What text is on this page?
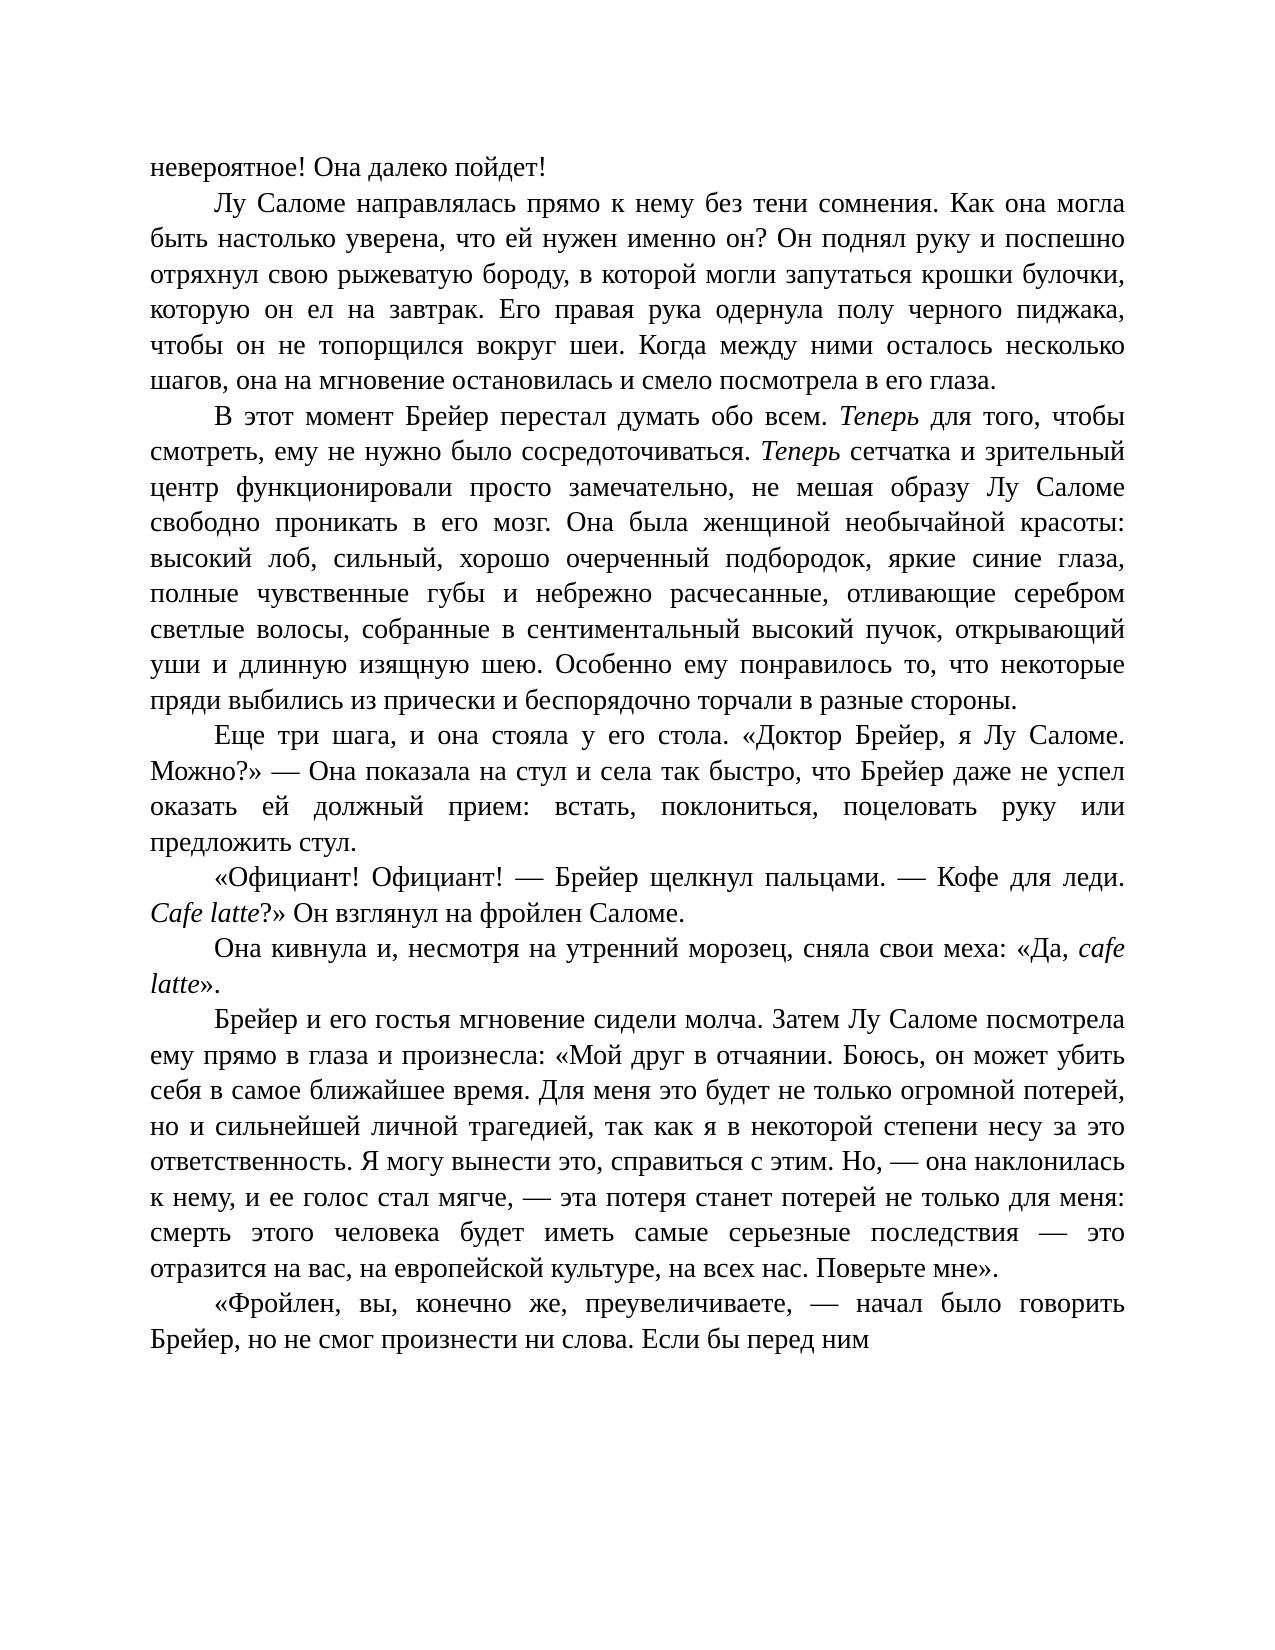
невероятное! Она далеко пойдет!

Лу Саломе направлялась прямо к нему без тени сомнения. Как она могла быть настолько уверена, что ей нужен именно он? Он поднял руку и поспешно отряхнул свою рыжеватую бороду, в которой могли запутаться крошки булочки, которую он ел на завтрак. Его правая рука одернула полу черного пиджака, чтобы он не топорщился вокруг шеи. Когда между ними осталось несколько шагов, она на мгновение остановилась и смело посмотрела в его глаза.

В этот момент Брейер перестал думать обо всем. Теперь для того, чтобы смотреть, ему не нужно было сосредоточиваться. Теперь сетчатка и зрительный центр функционировали просто замечательно, не мешая образу Лу Саломе свободно проникать в его мозг. Она была женщиной необычайной красоты: высокий лоб, сильный, хорошо очерченный подбородок, яркие синие глаза, полные чувственные губы и небрежно расчесанные, отливающие серебром светлые волосы, собранные в сентиментальный высокий пучок, открывающий уши и длинную изящную шею. Особенно ему понравилось то, что некоторые пряди выбились из прически и беспорядочно торчали в разные стороны.

Еще три шага, и она стояла у его стола. «Доктор Брейер, я Лу Саломе. Можно?» — Она показала на стул и села так быстро, что Брейер даже не успел оказать ей должный прием: встать, поклониться, поцеловать руку или предложить стул.

«Официант! Официант! — Брейер щелкнул пальцами. — Кофе для леди. Cafe latte?» Он взглянул на фройлен Саломе.

Она кивнула и, несмотря на утренний морозец, сняла свои меха: «Да, cafe latte».

Брейер и его гостья мгновение сидели молча. Затем Лу Саломе посмотрела ему прямо в глаза и произнесла: «Мой друг в отчаянии. Боюсь, он может убить себя в самое ближайшее время. Для меня это будет не только огромной потерей, но и сильнейшей личной трагедией, так как я в некоторой степени несу за это ответственность. Я могу вынести это, справиться с этим. Но, — она наклонилась к нему, и ее голос стал мягче, — эта потеря станет потерей не только для меня: смерть этого человека будет иметь самые серьезные последствия — это отразится на вас, на европейской культуре, на всех нас. Поверьте мне».

«Фройлен, вы, конечно же, преувеличиваете, — начал было говорить Брейер, но не смог произнести ни слова. Если бы перед ним
